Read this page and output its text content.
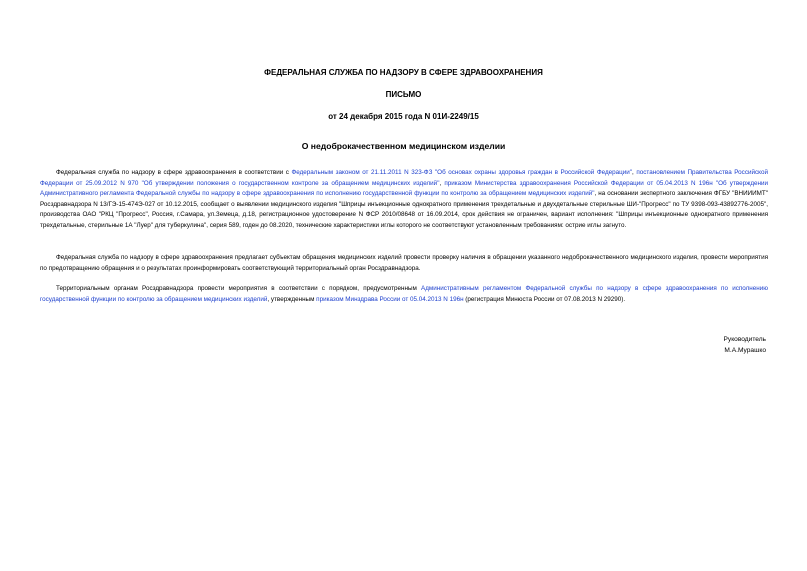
ФЕДЕРАЛЬНАЯ СЛУЖБА ПО НАДЗОРУ В СФЕРЕ ЗДРАВООХРАНЕНИЯ
ПИСЬМО
от 24 декабря 2015 года N 01И-2249/15
О недоброкачественном медицинском изделии

Федеральная служба по надзору в сфере здравоохранения в соответствии с Федеральным законом от 21.11.2011 N 323-ФЗ "Об основах охраны здоровья граждан в Российской Федерации", постановлением Правительства Российской Федерации от 25.09.2012 N 970 "Об утверждении положения о государственном контроле за обращением медицинских изделий", приказом Министерства здравоохранения Российской Федерации от 05.04.2013 N 196н "Об утверждении Административного регламента Федеральной службы по надзору в сфере здравоохранения по исполнению государственной функции по контролю за обращением медицинских изделий", на основании экспертного заключения ФГБУ "ВНИИИМТ" Росздравнадзора N 13/ГЭ-15-474Э-027 от 10.12.2015, сообщает о выявлении медицинского изделия "Шприцы инъекционные однократного применения трехдетальные и двухдетальные стерильные ШИ-"Прогресс" по ТУ 9398-093-43892776-2005", производства ОАО "РКЦ "Прогресс", Россия, г.Самара, ул.Земеца, д.18, регистрационное удостоверение N ФСР 2010/08648 от 16.09.2014, срок действия не ограничен, вариант исполнения: "Шприцы инъекционные однократного применения трехдетальные, стерильные 1А "Луер" для туберкулина", серия 589, годен до 08.2020, технические характеристики иглы которого не соответствуют установленным требованиям: острие иглы загнуто.

Федеральная служба по надзору в сфере здравоохранения предлагает субъектам обращения медицинских изделий провести проверку наличия в обращении указанного недоброкачественного медицинского изделия, провести мероприятия по предотвращению обращения и о результатах проинформировать соответствующий территориальный орган Росздравнадзора.

Территориальным органам Росздравнадзора провести мероприятия в соответствии с порядком, предусмотренным Административным регламентом Федеральной службы по надзору в сфере здравоохранения по исполнению государственной функции по контролю за обращением медицинских изделий, утвержденным приказом Минздрава России от 05.04.2013 N 196н (регистрация Минюста России от 07.08.2013 N 29290).

Руководитель
М.А.Мурашко
